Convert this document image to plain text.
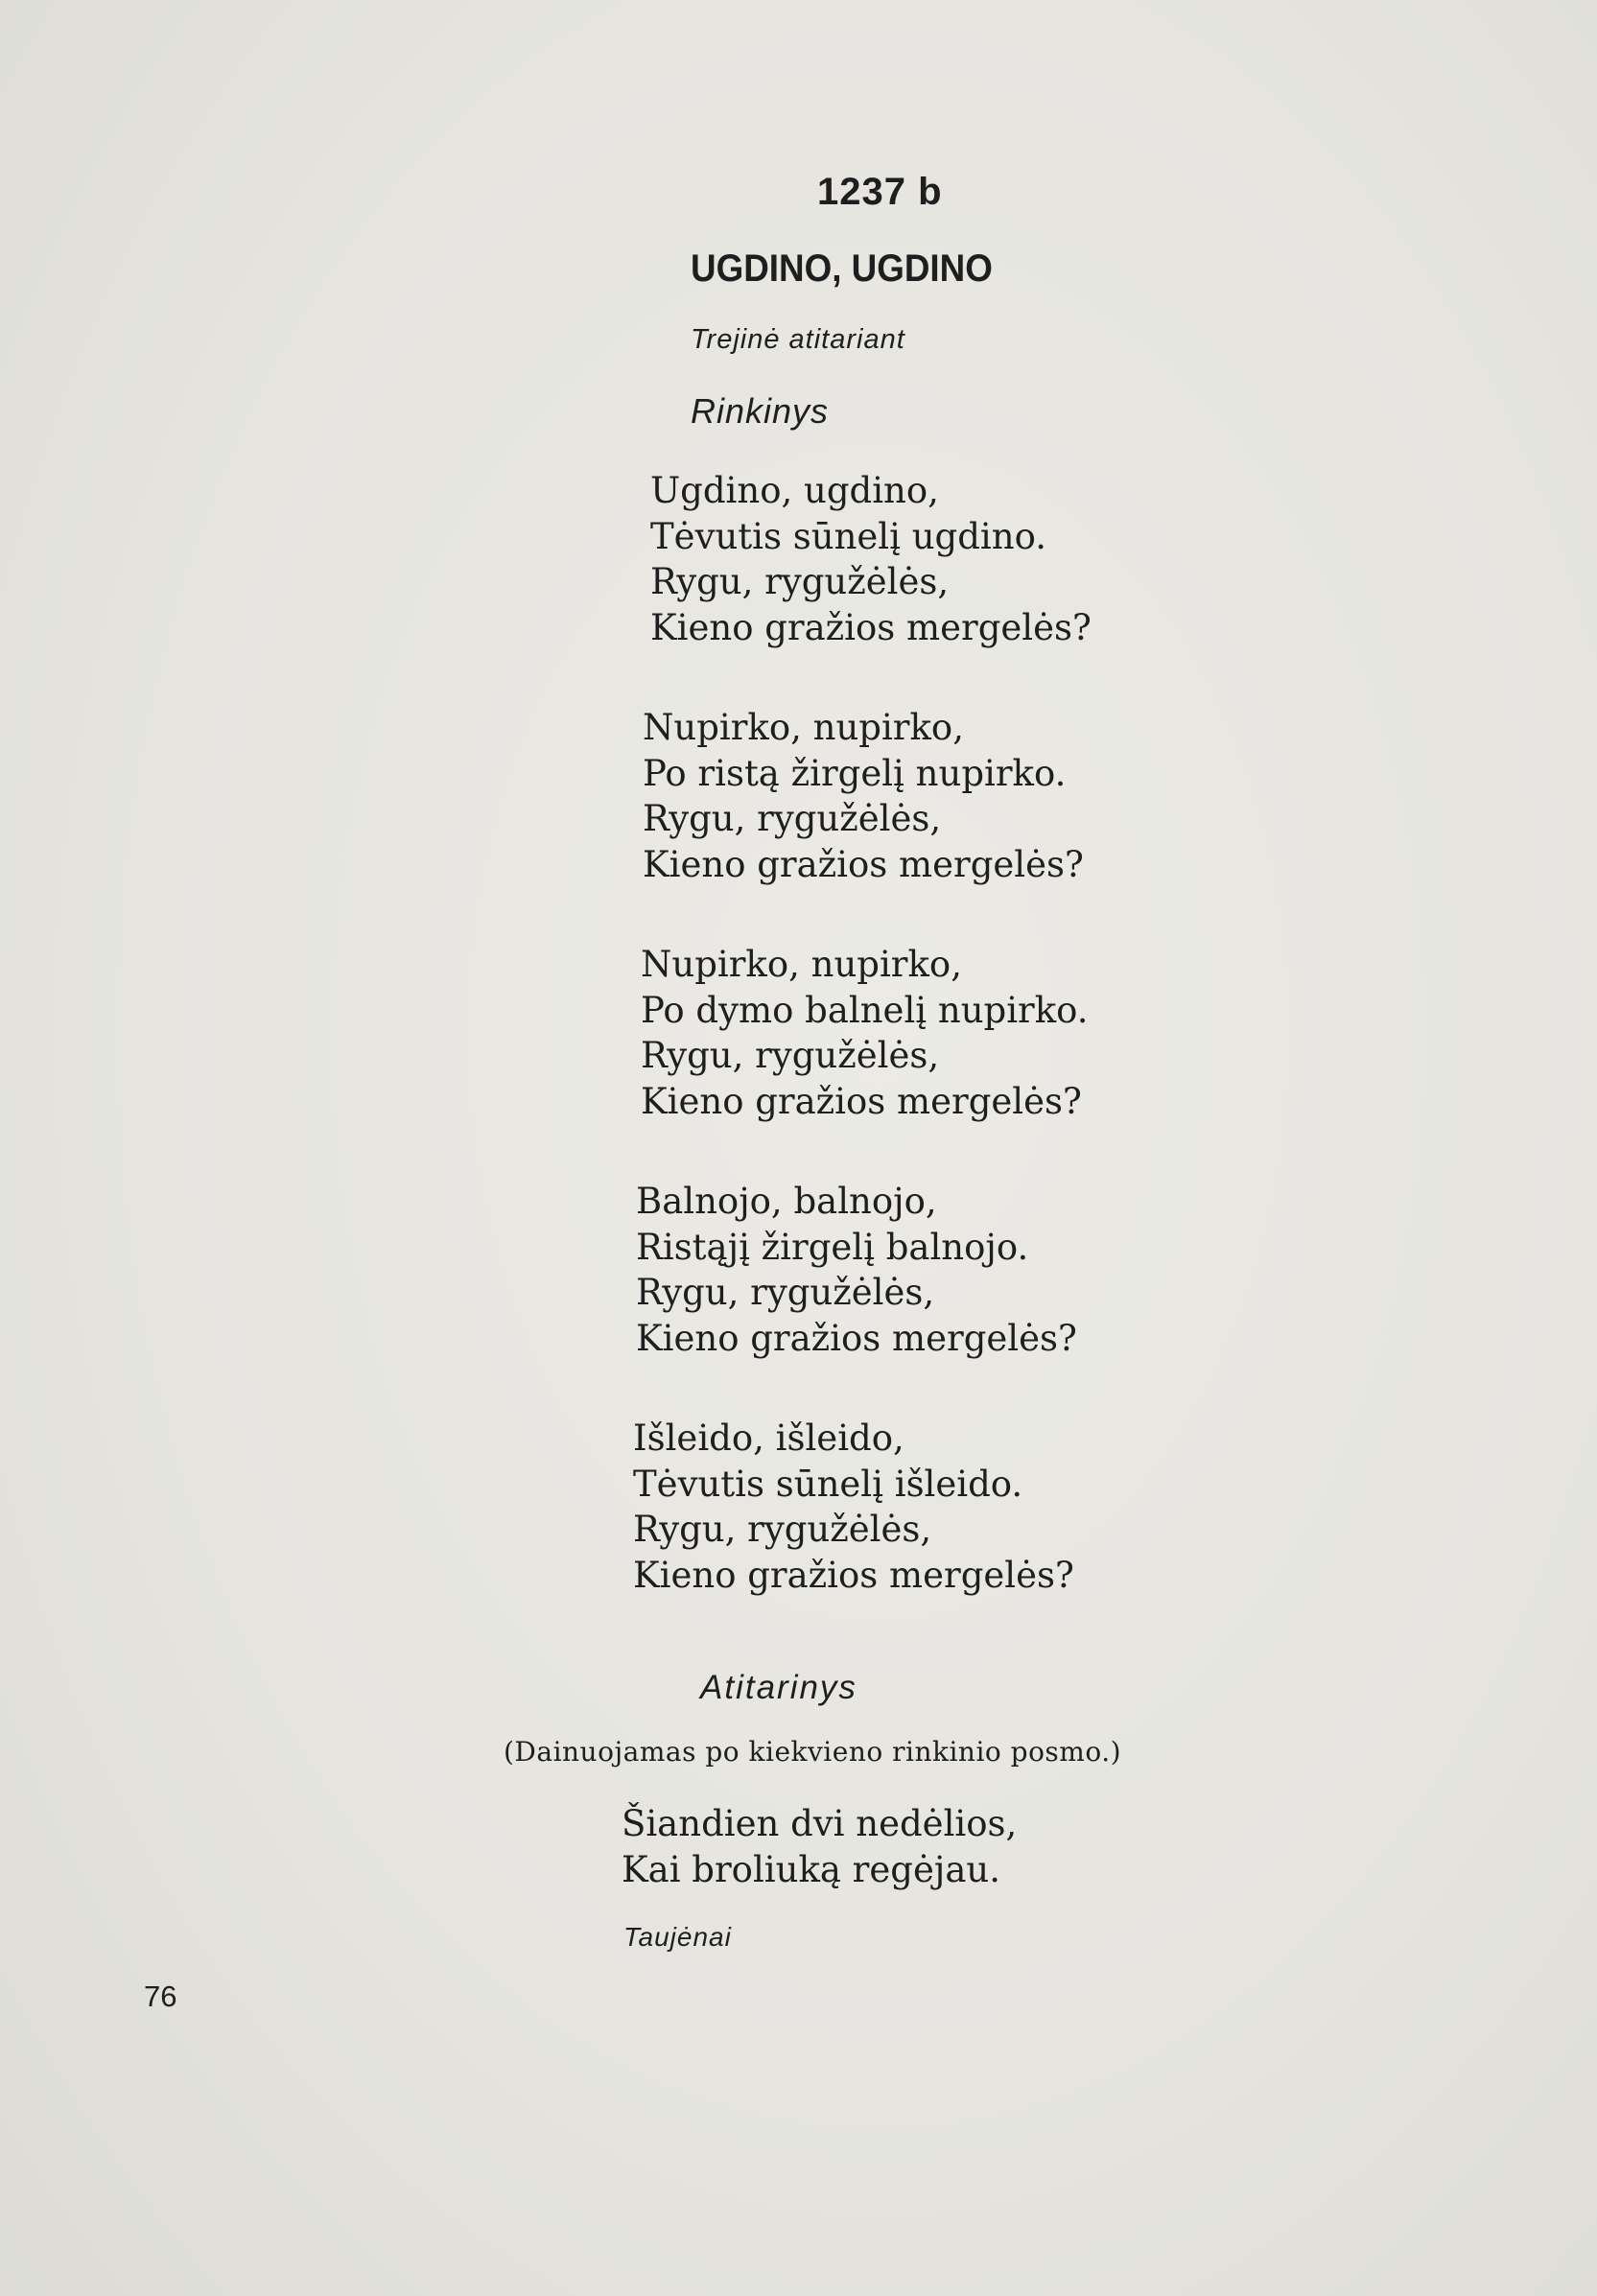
1237 b
UGDINO, UGDINO
Trejinė atitariant
Rinkinys
Ugdino, ugdino,
Tėvutis sūnelį ugdino.
Rygu, rygužėlės,
Kieno gražios mergelės?
Nupirko, nupirko,
Po ristą žirgelį nupirko.
Rygu, rygužėlės,
Kieno gražios mergelės?
Nupirko, nupirko,
Po dymo balnelį nupirko.
Rygu, rygužėlės,
Kieno gražios mergelės?
Balnojo, balnojo,
Ristąjį žirgelį balnojo.
Rygu, rygužėlės,
Kieno gražios mergelės?
Išleido, išleido,
Tėvutis sūnelį išleido.
Rygu, rygužėlės,
Kieno gražios mergelės?
Atitarinys
(Dainuojamas po kiekvieno rinkinio posmo.)
Šiandien dvi nedėlios,
Kai broliuką regėjau.
Taujėnai
76
